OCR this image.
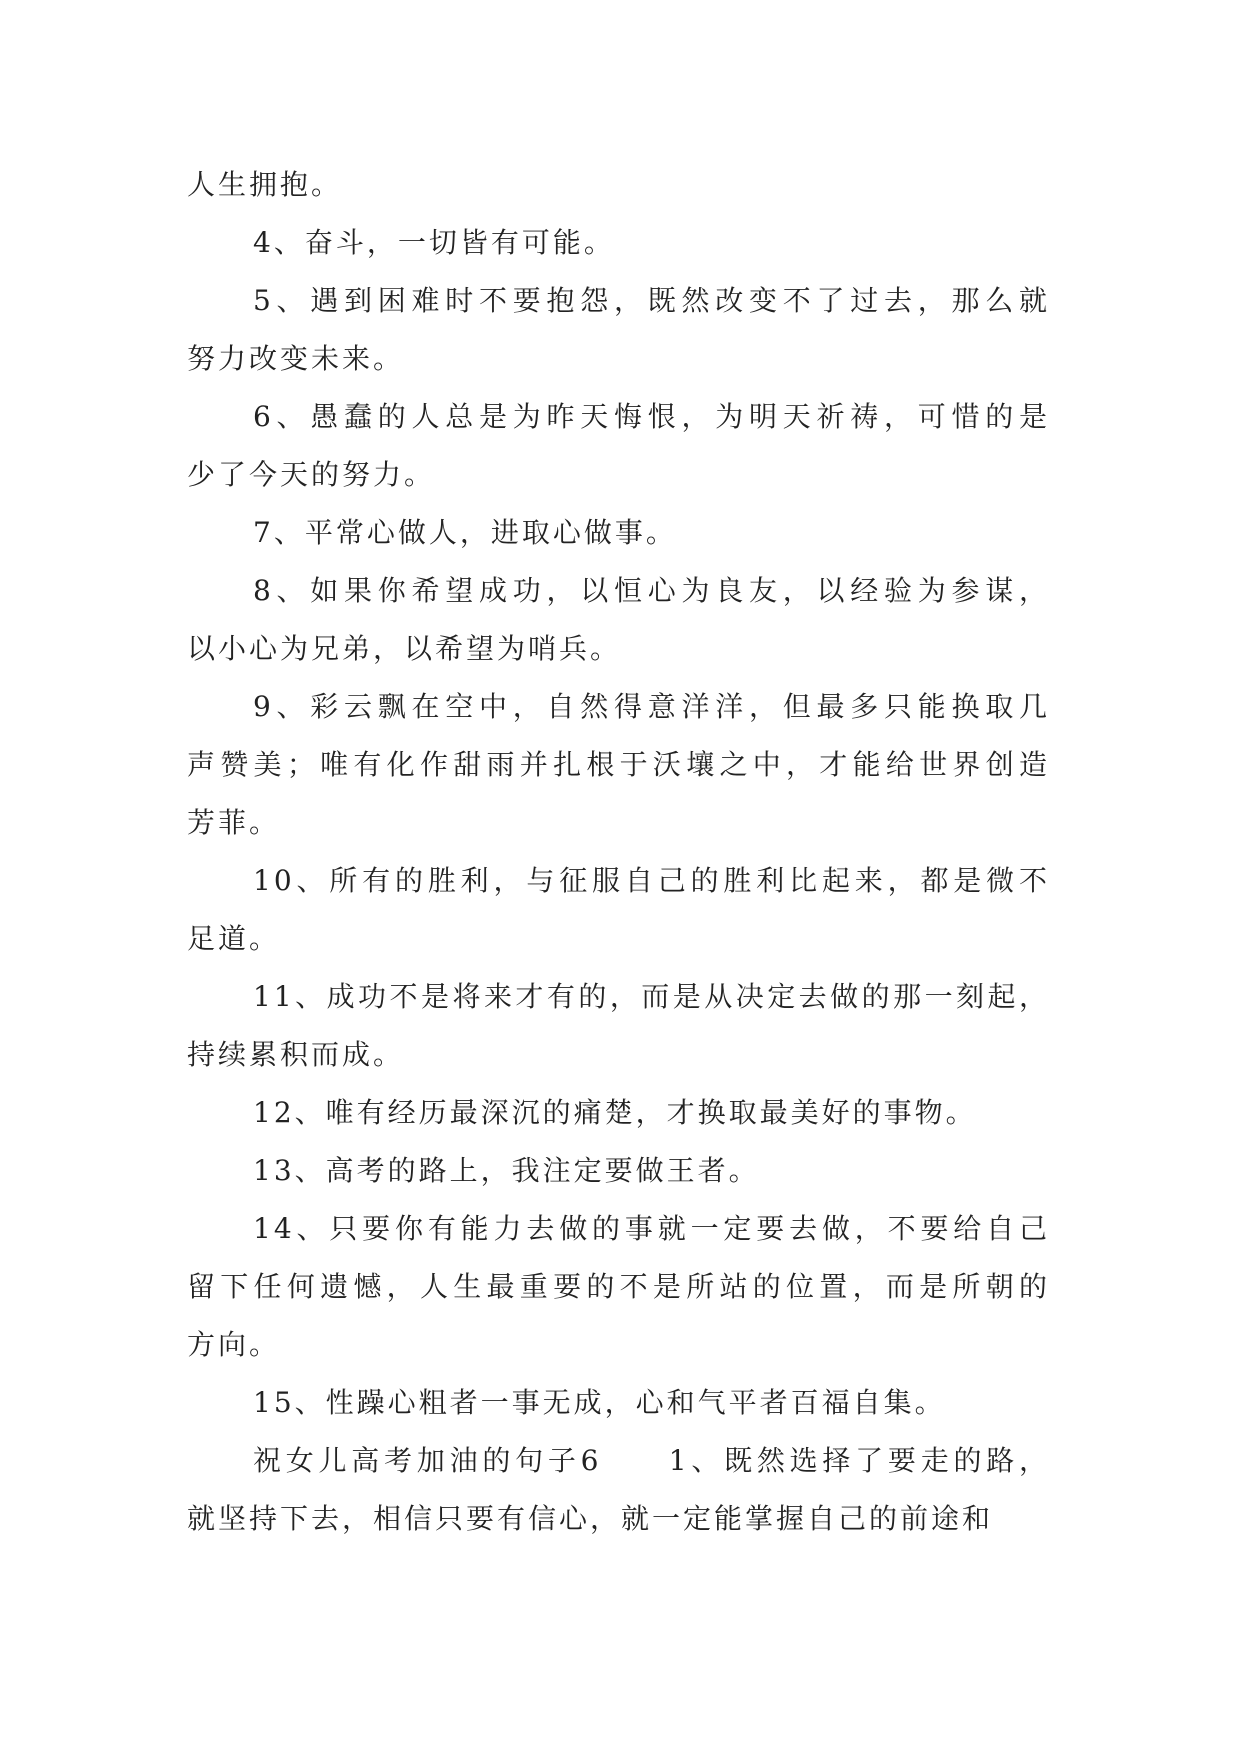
人生拥抱。
4、奋斗，一切皆有可能。
5、遇到困难时不要抱怨，既然改变不了过去，那么就
努力改变未来。
6、愚蠢的人总是为昨天悔恨，为明天祈祷，可惜的是
少了今天的努力。
7、平常心做人，进取心做事。
8、如果你希望成功，以恒心为良友，以经验为参谋，
以小心为兄弟，以希望为哨兵。
9、彩云飘在空中，自然得意洋洋，但最多只能换取几
声赞美；唯有化作甜雨并扎根于沃壤之中，才能给世界创造
芳菲。
10、所有的胜利，与征服自己的胜利比起来，都是微不
足道。
11、成功不是将来才有的，而是从决定去做的那一刻起，
持续累积而成。
12、唯有经历最深沉的痛楚，才换取最美好的事物。
13、高考的路上，我注定要做王者。
14、只要你有能力去做的事就一定要去做，不要给自己
留下任何遗憾，人生最重要的不是所站的位置，而是所朝的
方向。
15、性躁心粗者一事无成，心和气平者百福自集。
祝女儿高考加油的句子6　　1、既然选择了要走的路，
就坚持下去，相信只要有信心，就一定能掌握自己的前途和
